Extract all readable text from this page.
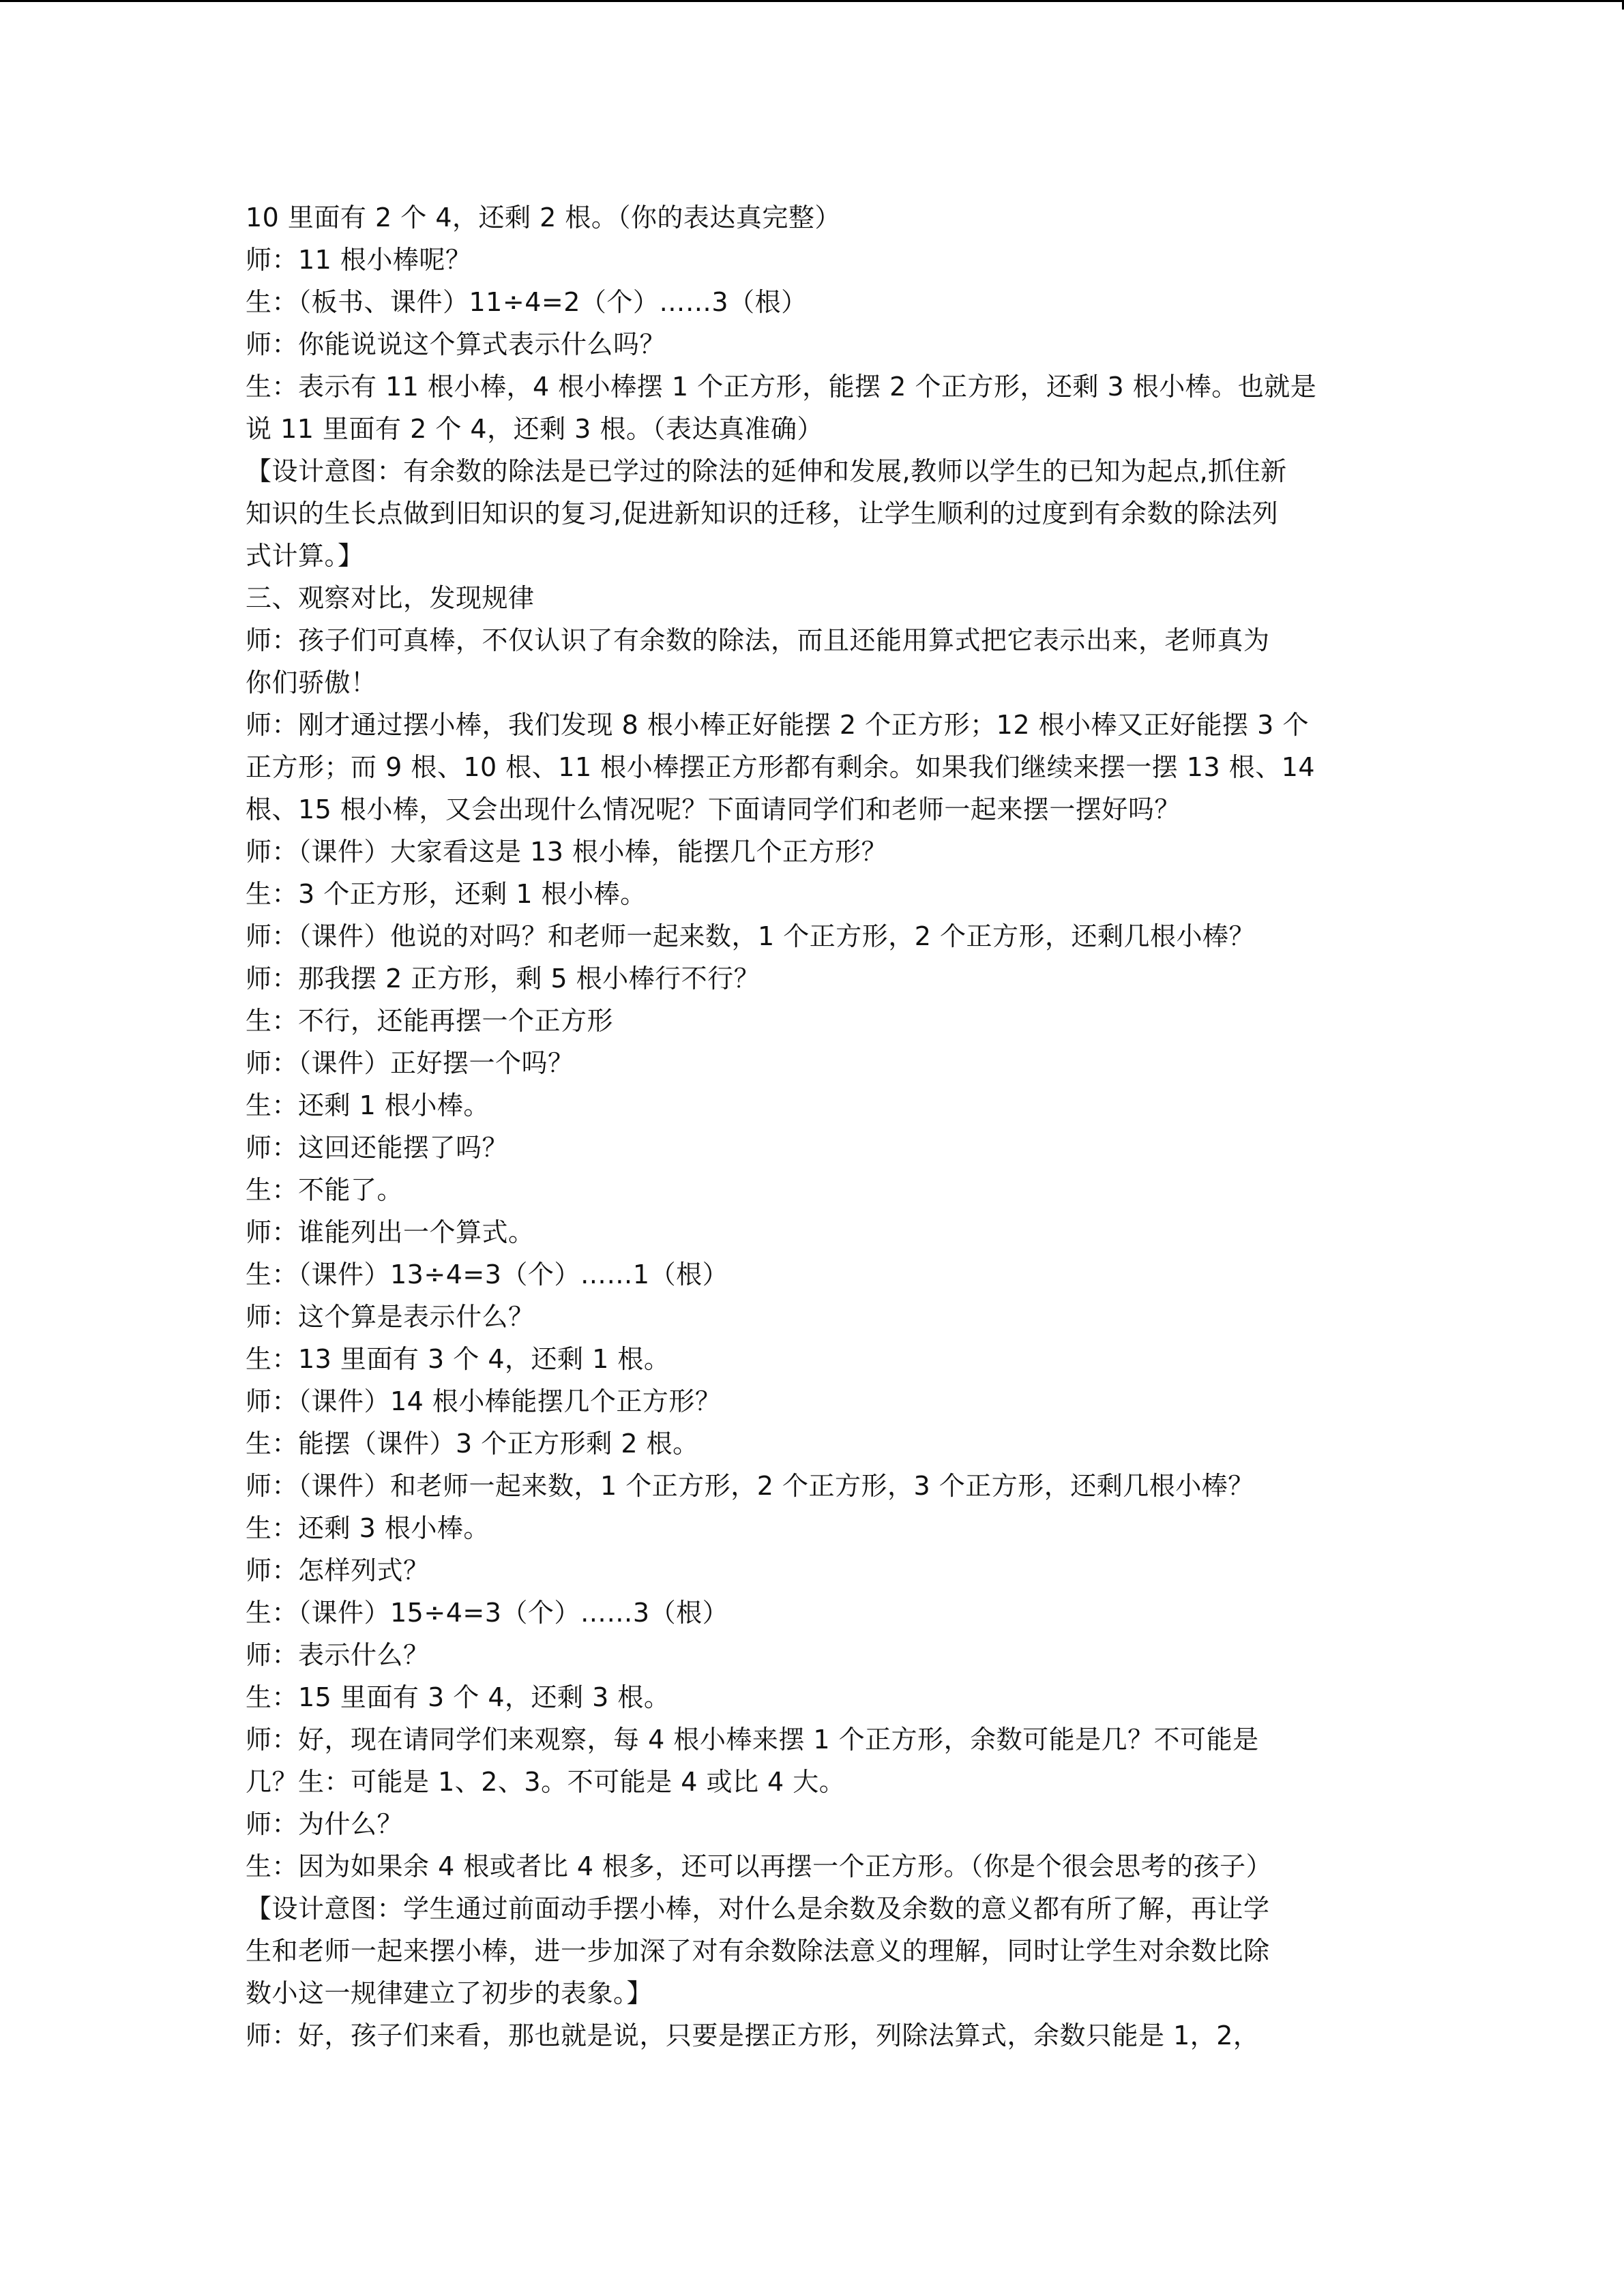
10 里面有 2 个 4，还剩 2 根。（你的表达真完整）
师：11 根小棒呢？
生：（板书、课件）11÷4=2（个）……3（根）
师：你能说说这个算式表示什么吗？
生：表示有 11 根小棒，4 根小棒摆 1 个正方形，能摆 2 个正方形，还剩 3 根小棒。也就是
说 11 里面有 2 个 4，还剩 3 根。（表达真准确）
【设计意图：有余数的除法是已学过的除法的延伸和发展,教师以学生的已知为起点,抓住新
知识的生长点做到旧知识的复习,促进新知识的迁移，让学生顺利的过度到有余数的除法列
式计算。】
三、观察对比，发现规律
师：孩子们可真棒，不仅认识了有余数的除法，而且还能用算式把它表示出来，老师真为
你们骄傲！
师：刚才通过摆小棒，我们发现 8 根小棒正好能摆 2 个正方形；12 根小棒又正好能摆 3 个
正方形；而 9 根、10 根、11 根小棒摆正方形都有剩余。如果我们继续来摆一摆 13 根、14
根、15 根小棒，又会出现什么情况呢？下面请同学们和老师一起来摆一摆好吗？
师：（课件）大家看这是 13 根小棒，能摆几个正方形？
生：3 个正方形，还剩 1 根小棒。
师：（课件）他说的对吗？和老师一起来数，1 个正方形，2 个正方形，还剩几根小棒？
师：那我摆 2 正方形，剩 5 根小棒行不行？
生：不行，还能再摆一个正方形
师：（课件）正好摆一个吗？
生：还剩 1 根小棒。
师：这回还能摆了吗？
生：不能了。
师：谁能列出一个算式。
生：（课件）13÷4=3（个）……1（根）
师：这个算是表示什么？
生：13 里面有 3 个 4，还剩 1 根。
师：（课件）14 根小棒能摆几个正方形？
生：能摆（课件）3 个正方形剩 2 根。
师：（课件）和老师一起来数，1 个正方形，2 个正方形，3 个正方形，还剩几根小棒？
生：还剩 3 根小棒。
师：怎样列式？
生：（课件）15÷4=3（个）……3（根）
师：表示什么？
生：15 里面有 3 个 4，还剩 3 根。
师：好，现在请同学们来观察，每 4 根小棒来摆 1 个正方形，余数可能是几？不可能是
几？生：可能是 1、2、3。不可能是 4 或比 4 大。
师：为什么？
生：因为如果余 4 根或者比 4 根多，还可以再摆一个正方形。（你是个很会思考的孩子）
【设计意图：学生通过前面动手摆小棒，对什么是余数及余数的意义都有所了解，再让学
生和老师一起来摆小棒，进一步加深了对有余数除法意义的理解，同时让学生对余数比除
数小这一规律建立了初步的表象。】
师：好，孩子们来看，那也就是说，只要是摆正方形，列除法算式，余数只能是 1，2，
